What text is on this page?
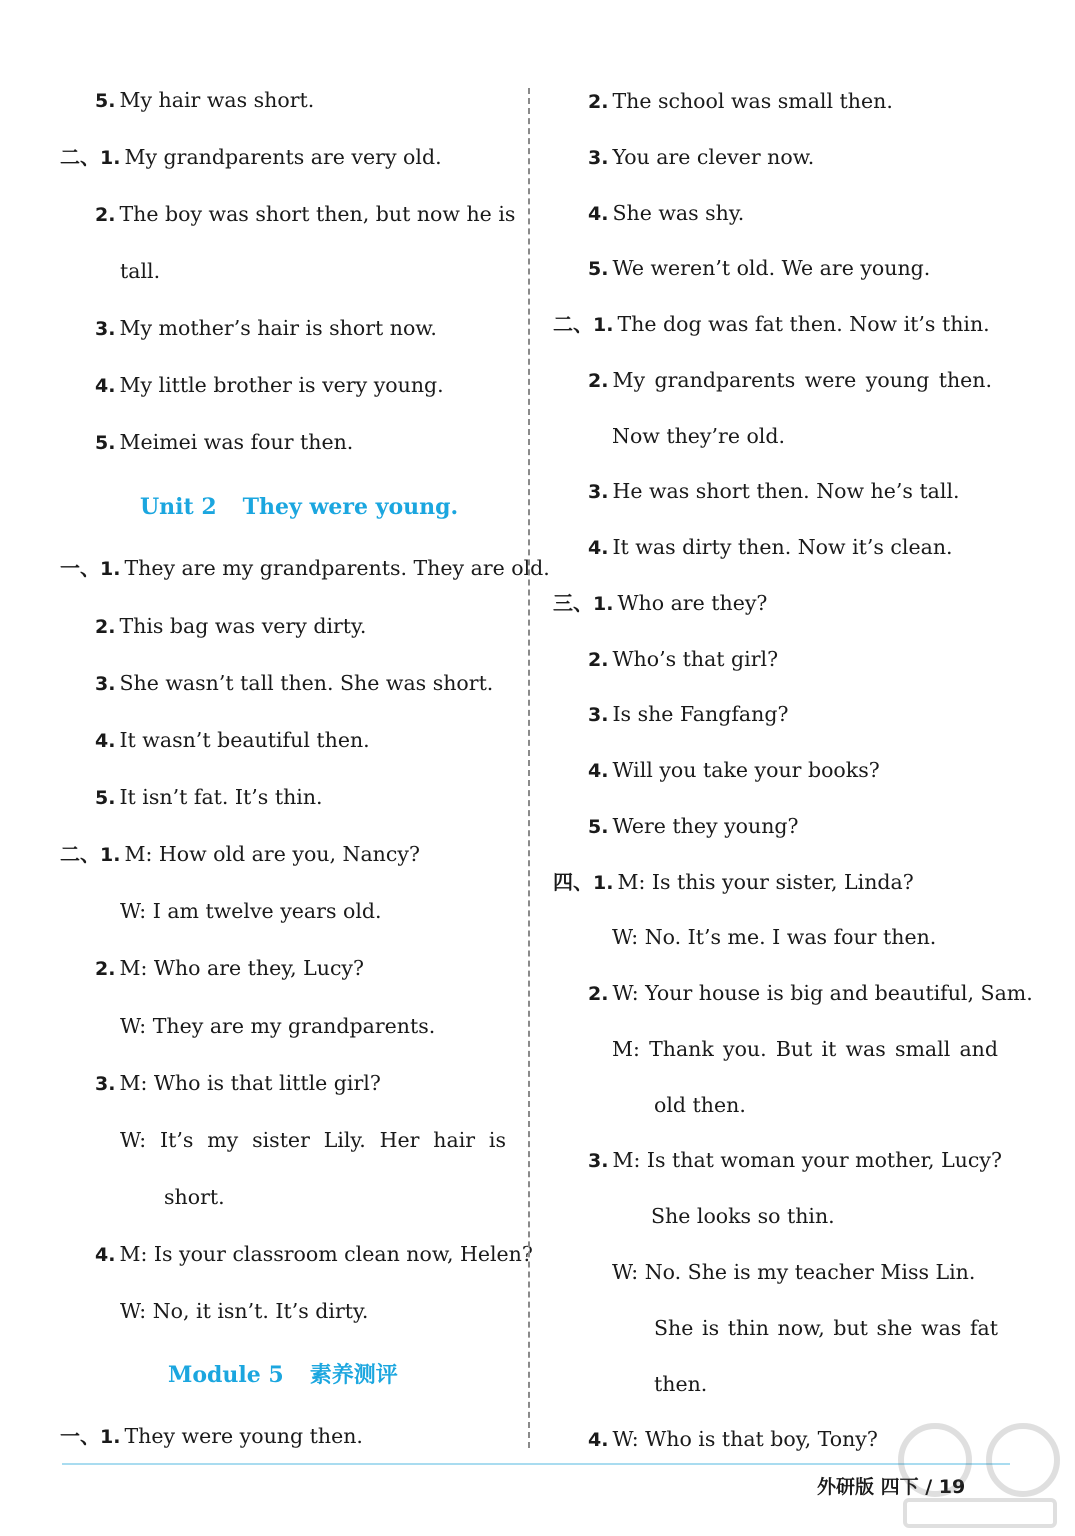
5. My hair was short.
二、1. My grandparents are very old.
2. The boy was short then, but now he is
tall.
3. My mother’s hair is short now.
4. My little brother is very young.
5. Meimei was four then.
Unit 2 They were young.
一、1. They are my grandparents. They are old.
2. This bag was very dirty.
3. She wasn’t tall then. She was short.
4. It wasn’t beautiful then.
5. It isn’t fat. It’s thin.
二、1. M: How old are you, Nancy?
W: I am twelve years old.
2. M: Who are they, Lucy?
W: They are my grandparents.
3. M: Who is that little girl?
W: It’s my sister Lily. Her hair is
short.
4. M: Is your classroom clean now, Helen?
W: No, it isn’t. It’s dirty.
Module 5 素养测评
一、1. They were young then.
2. The school was small then.
3. You are clever now.
4. She was shy.
5. We weren’t old. We are young.
二、1. The dog was fat then. Now it’s thin.
2. My grandparents were young then.
Now they’re old.
3. He was short then. Now he’s tall.
4. It was dirty then. Now it’s clean.
三、1. Who are they?
2. Who’s that girl?
3. Is she Fangfang?
4. Will you take your books?
5. Were they young?
四、1. M: Is this your sister, Linda?
W: No. It’s me. I was four then.
2. W: Your house is big and beautiful, Sam.
M: Thank you. But it was small and
old then.
3. M: Is that woman your mother, Lucy?
She looks so thin.
W: No. She is my teacher Miss Lin.
She is thin now, but she was fat
then.
4. W: Who is that boy, Tony?
外研版 四下 / 19
